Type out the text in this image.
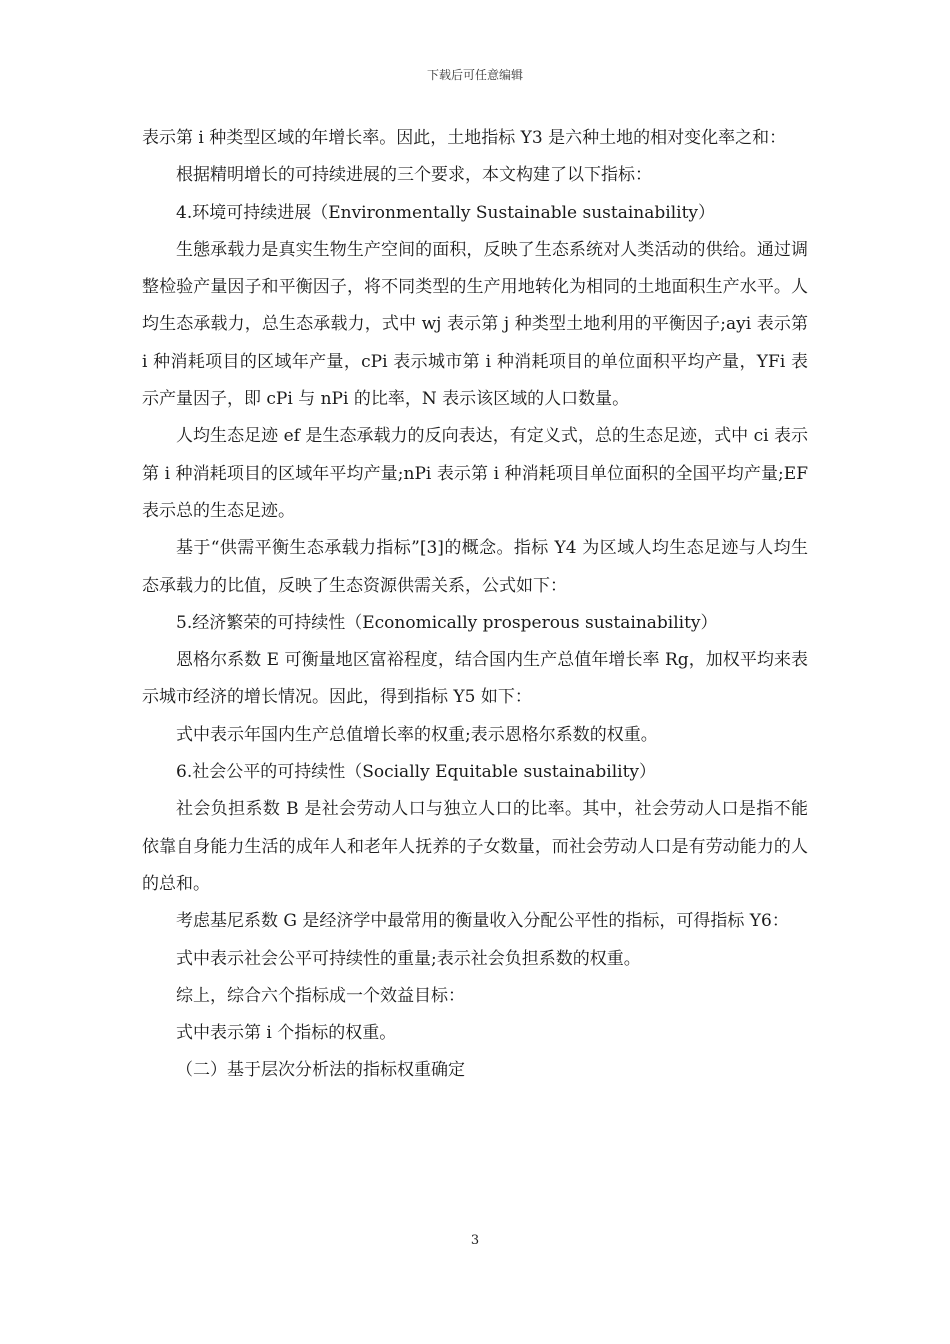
下载后可任意编辑

表示第 i 种类型区域的年增长率。因此，土地指标 Y3 是六种土地的相对变化率之和：

根据精明增长的可持续进展的三个要求，本文构建了以下指标：

4.环境可持续进展（Environmentally Sustainable sustainability）

生態承载力是真实生物生产空间的面积，反映了生态系统对人类活动的供给。通过调整检验产量因子和平衡因子，将不同类型的生产用地转化为相同的土地面积生产水平。人均生态承载力，总生态承载力，式中 wj 表示第 j 种类型土地利用的平衡因子;ayi 表示第 i 种消耗项目的区域年产量，cPi 表示城市第 i 种消耗项目的单位面积平均产量，YFi 表示产量因子，即 cPi 与 nPi 的比率，N 表示该区域的人口数量。

人均生态足迹 ef 是生态承载力的反向表达，有定义式，总的生态足迹，式中 ci 表示第 i 种消耗项目的区域年平均产量;nPi 表示第 i 种消耗项目单位面积的全国平均产量;EF 表示总的生态足迹。

基于“供需平衡生态承载力指标”[3]的概念。指标 Y4 为区域人均生态足迹与人均生态承载力的比值，反映了生态资源供需关系，公式如下：

5.经济繁荣的可持续性（Economically prosperous sustainability）

恩格尔系数 E 可衡量地区富裕程度，结合国内生产总值年增长率 Rg，加权平均来表示城市经济的增长情况。因此，得到指标 Y5 如下：

式中表示年国内生产总值增长率的权重;表示恩格尔系数的权重。

6.社会公平的可持续性（Socially Equitable sustainability）

社会负担系数 B 是社会劳动人口与独立人口的比率。其中，社会劳动人口是指不能依靠自身能力生活的成年人和老年人抚养的子女数量，而社会劳动人口是有劳动能力的人的总和。

考虑基尼系数 G 是经济学中最常用的衡量收入分配公平性的指标，可得指标 Y6：

式中表示社会公平可持续性的重量;表示社会负担系数的权重。

综上，综合六个指标成一个效益目标：

式中表示第 i 个指标的权重。

（二）基于层次分析法的指标权重确定

3
